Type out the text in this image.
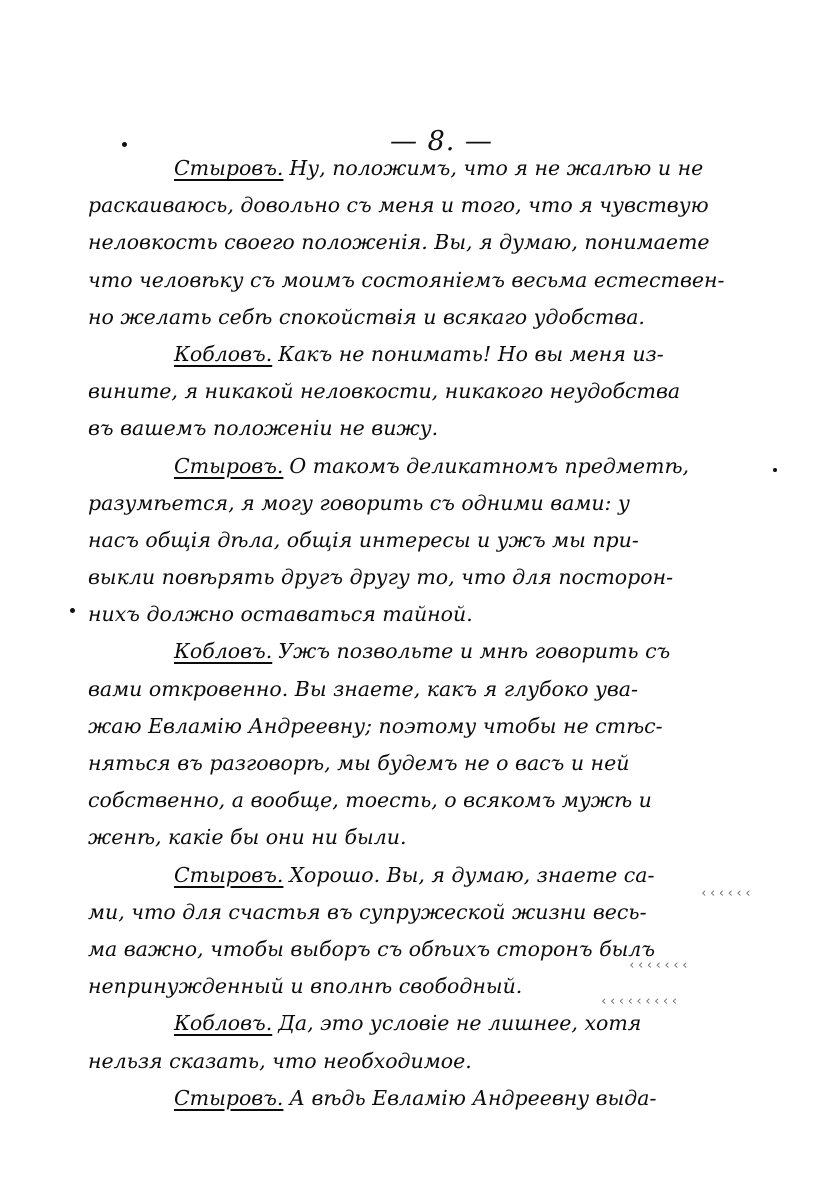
— 8. —
Стыровъ. Ну, положимъ, что я не жалѣю и не
раскаиваюсь, довольно съ меня и того, что я чувствую
неловкость своего положенія. Вы, я думаю, понимаете
что человѣку съ моимъ состояніемъ весьма естествен-
но желать себѣ спокойствія и всякаго удобства.
Кобловъ. Какъ не понимать! Но вы меня из-
вините, я никакой неловкости, никакого неудобства
въ вашемъ положеніи не вижу.
Стыровъ. О такомъ деликатномъ предметѣ,
разумѣется, я могу говорить съ одними вами: у
насъ общія дѣла, общія интересы и ужъ мы при-
выкли повѣрять другъ другу то, что для посторон-
нихъ должно оставаться тайной.
Кобловъ. Ужъ позвольте и мнѣ говорить съ
вами откровенно. Вы знаете, какъ я глубоко ува-
жаю Евламію Андреевну; поэтому чтобы не стѣс-
няться въ разговорѣ, мы будемъ не о васъ и ней
собственно, а вообще, тоесть, о всякомъ мужѣ и
женѣ, какіе бы они ни были.
Стыровъ. Хорошо. Вы, я думаю, знаете са-
ми, что для счастья въ супружеской жизни весь-
ма важно, чтобы выборъ съ обѣихъ сторонъ былъ
непринужденный и вполнѣ свободный.
Кобловъ. Да, это условіе не лишнее, хотя
нельзя сказать, что необходимое.
Стыровъ. А вѣдь Евламію Андреевну выда-
‹‹‹‹‹‹
‹‹‹‹‹‹‹
‹‹‹‹‹‹‹‹‹
